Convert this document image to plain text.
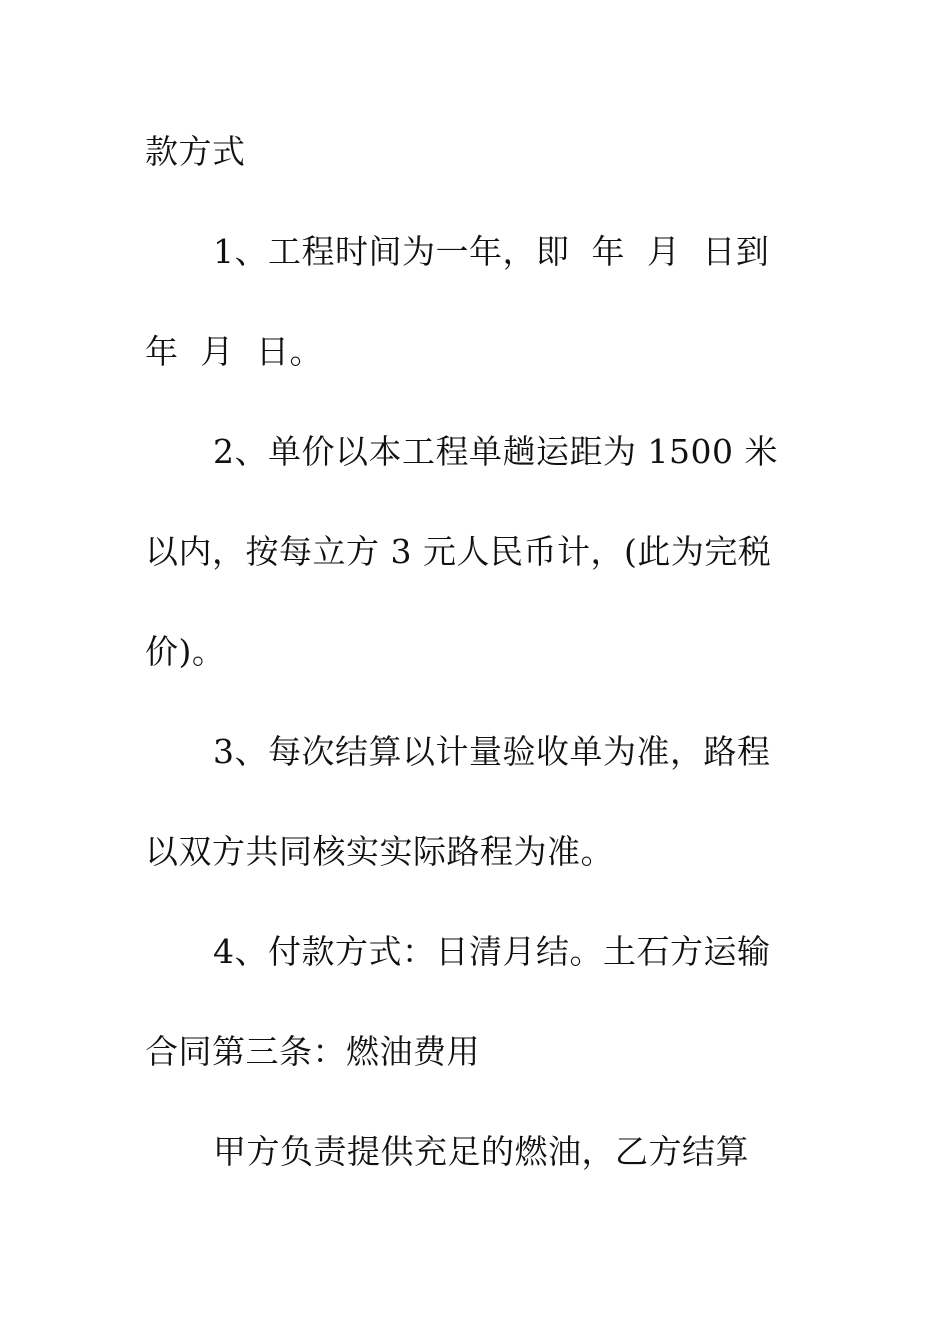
款方式
1、工程时间为一年，即  年  月  日到
年  月  日。
2、单价以本工程单趟运距为 1500 米
以内，按每立方 3 元人民币计，(此为完税
价)。
3、每次结算以计量验收单为准，路程
以双方共同核实实际路程为准。
4、付款方式：日清月结。土石方运输
合同第三条：燃油费用
甲方负责提供充足的燃油，乙方结算
